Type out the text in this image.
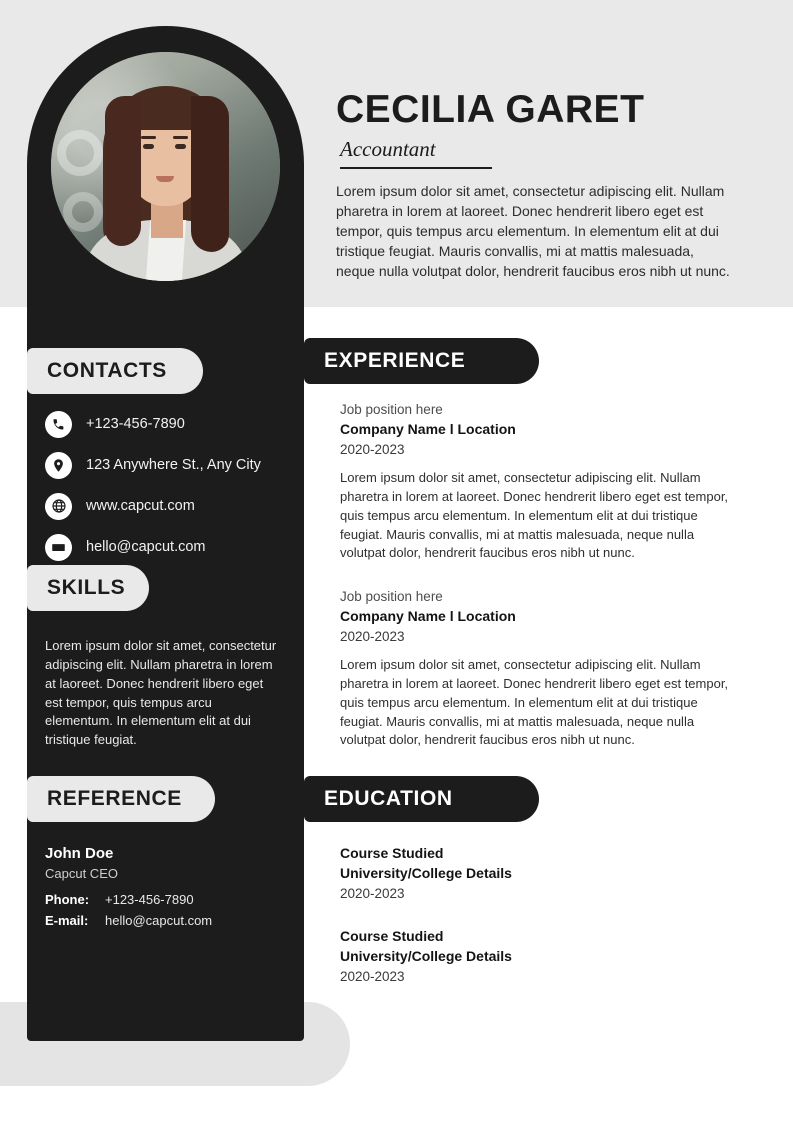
CECILIA GARET
Accountant
Lorem ipsum dolor sit amet, consectetur adipiscing elit. Nullam pharetra in lorem at laoreet. Donec hendrerit libero eget est tempor, quis tempus arcu elementum. In elementum elit at dui tristique feugiat. Mauris convallis, mi at mattis malesuada, neque nulla volutpat dolor, hendrerit faucibus eros nibh ut nunc.
CONTACTS
+123-456-7890
123 Anywhere St., Any City
www.capcut.com
hello@capcut.com
SKILLS
Lorem ipsum dolor sit amet, consectetur adipiscing elit. Nullam pharetra in lorem at laoreet. Donec hendrerit libero eget est tempor, quis tempus arcu elementum. In elementum elit at dui tristique feugiat.
REFERENCE
John Doe
Capcut CEO
Phone:	+123-456-7890
E-mail:	hello@capcut.com
EXPERIENCE
Job position here
Company Name l Location
2020-2023
Lorem ipsum dolor sit amet, consectetur adipiscing elit. Nullam pharetra in lorem at laoreet. Donec hendrerit libero eget est tempor, quis tempus arcu elementum. In elementum elit at dui tristique feugiat. Mauris convallis, mi at mattis malesuada, neque nulla volutpat dolor, hendrerit faucibus eros nibh ut nunc.
Job position here
Company Name l Location
2020-2023
Lorem ipsum dolor sit amet, consectetur adipiscing elit. Nullam pharetra in lorem at laoreet. Donec hendrerit libero eget est tempor, quis tempus arcu elementum. In elementum elit at dui tristique feugiat. Mauris convallis, mi at mattis malesuada, neque nulla volutpat dolor, hendrerit faucibus eros nibh ut nunc.
EDUCATION
Course Studied
University/College Details
2020-2023
Course Studied
University/College Details
2020-2023
